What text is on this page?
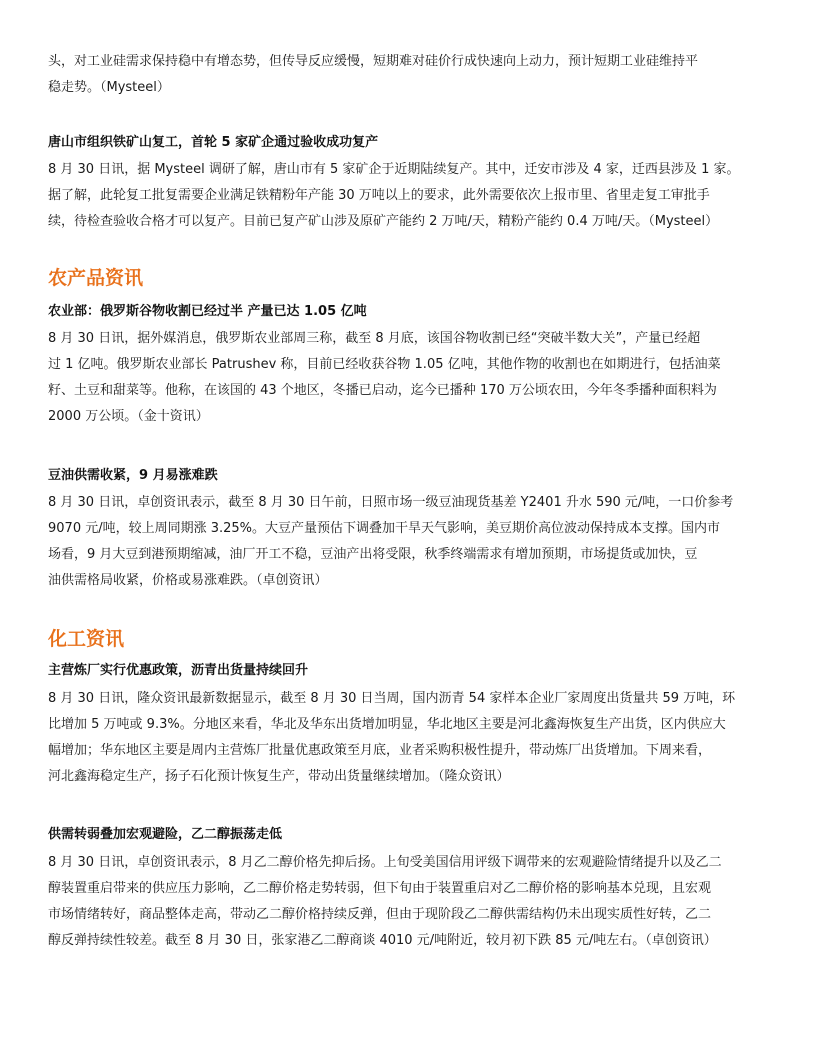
头，对工业硅需求保持稳中有增态势，但传导反应缓慢，短期难对硅价行成快速向上动力，预计短期工业硅维持平
稳走势。（Mysteel）
唐山市组织铁矿山复工，首轮 5 家矿企通过验收成功复产
8 月 30 日讯，据 Mysteel 调研了解，唐山市有 5 家矿企于近期陆续复产。其中，迁安市涉及 4 家，迁西县涉及 1 家。
据了解，此轮复工批复需要企业满足铁精粉年产能 30 万吨以上的要求，此外需要依次上报市里、省里走复工审批手
续，待检查验收合格才可以复产。目前已复产矿山涉及原矿产能约 2 万吨/天，精粉产能约 0.4 万吨/天。（Mysteel）
农产品资讯
农业部：俄罗斯谷物收割已经过半 产量已达 1.05 亿吨
8 月 30 日讯，据外媒消息，俄罗斯农业部周三称，截至 8 月底，该国谷物收割已经“突破半数大关”，产量已经超
过 1 亿吨。俄罗斯农业部长 Patrushev 称，目前已经收获谷物 1.05 亿吨，其他作物的收割也在如期进行，包括油菜
籽、土豆和甜菜等。他称，在该国的 43 个地区，冬播已启动，迄今已播种 170 万公顷农田，今年冬季播种面积料为
2000 万公顷。（金十资讯）
豆油供需收紧，9 月易涨难跌
8 月 30 日讯，卓创资讯表示，截至 8 月 30 日午前，日照市场一级豆油现货基差 Y2401 升水 590 元/吨，一口价参考
9070 元/吨，较上周同期涨 3.25%。大豆产量预估下调叠加干旱天气影响，美豆期价高位波动保持成本支撑。国内市
场看，9 月大豆到港预期缩减，油厂开工不稳，豆油产出将受限，秋季终端需求有增加预期，市场提货或加快，豆
油供需格局收紧，价格或易涨难跌。（卓创资讯）
化工资讯
主营炼厂实行优惠政策，沥青出货量持续回升
8 月 30 日讯，隆众资讯最新数据显示，截至 8 月 30 日当周，国内沥青 54 家样本企业厂家周度出货量共 59 万吨，环
比增加 5 万吨或 9.3%。分地区来看，华北及华东出货增加明显，华北地区主要是河北鑫海恢复生产出货，区内供应大
幅增加；华东地区主要是周内主营炼厂批量优惠政策至月底，业者采购积极性提升，带动炼厂出货增加。下周来看，
河北鑫海稳定生产，扬子石化预计恢复生产，带动出货量继续增加。（隆众资讯）
供需转弱叠加宏观避险，乙二醇振荡走低
8 月 30 日讯，卓创资讯表示，8 月乙二醇价格先抑后扬。上旬受美国信用评级下调带来的宏观避险情绪提升以及乙二
醇装置重启带来的供应压力影响，乙二醇价格走势转弱，但下旬由于装置重启对乙二醇价格的影响基本兑现，且宏观
市场情绪转好，商品整体走高，带动乙二醇价格持续反弹，但由于现阶段乙二醇供需结构仍未出现实质性好转，乙二
醇反弹持续性较差。截至 8 月 30 日，张家港乙二醇商谈 4010 元/吨附近，较月初下跌 85 元/吨左右。（卓创资讯）
